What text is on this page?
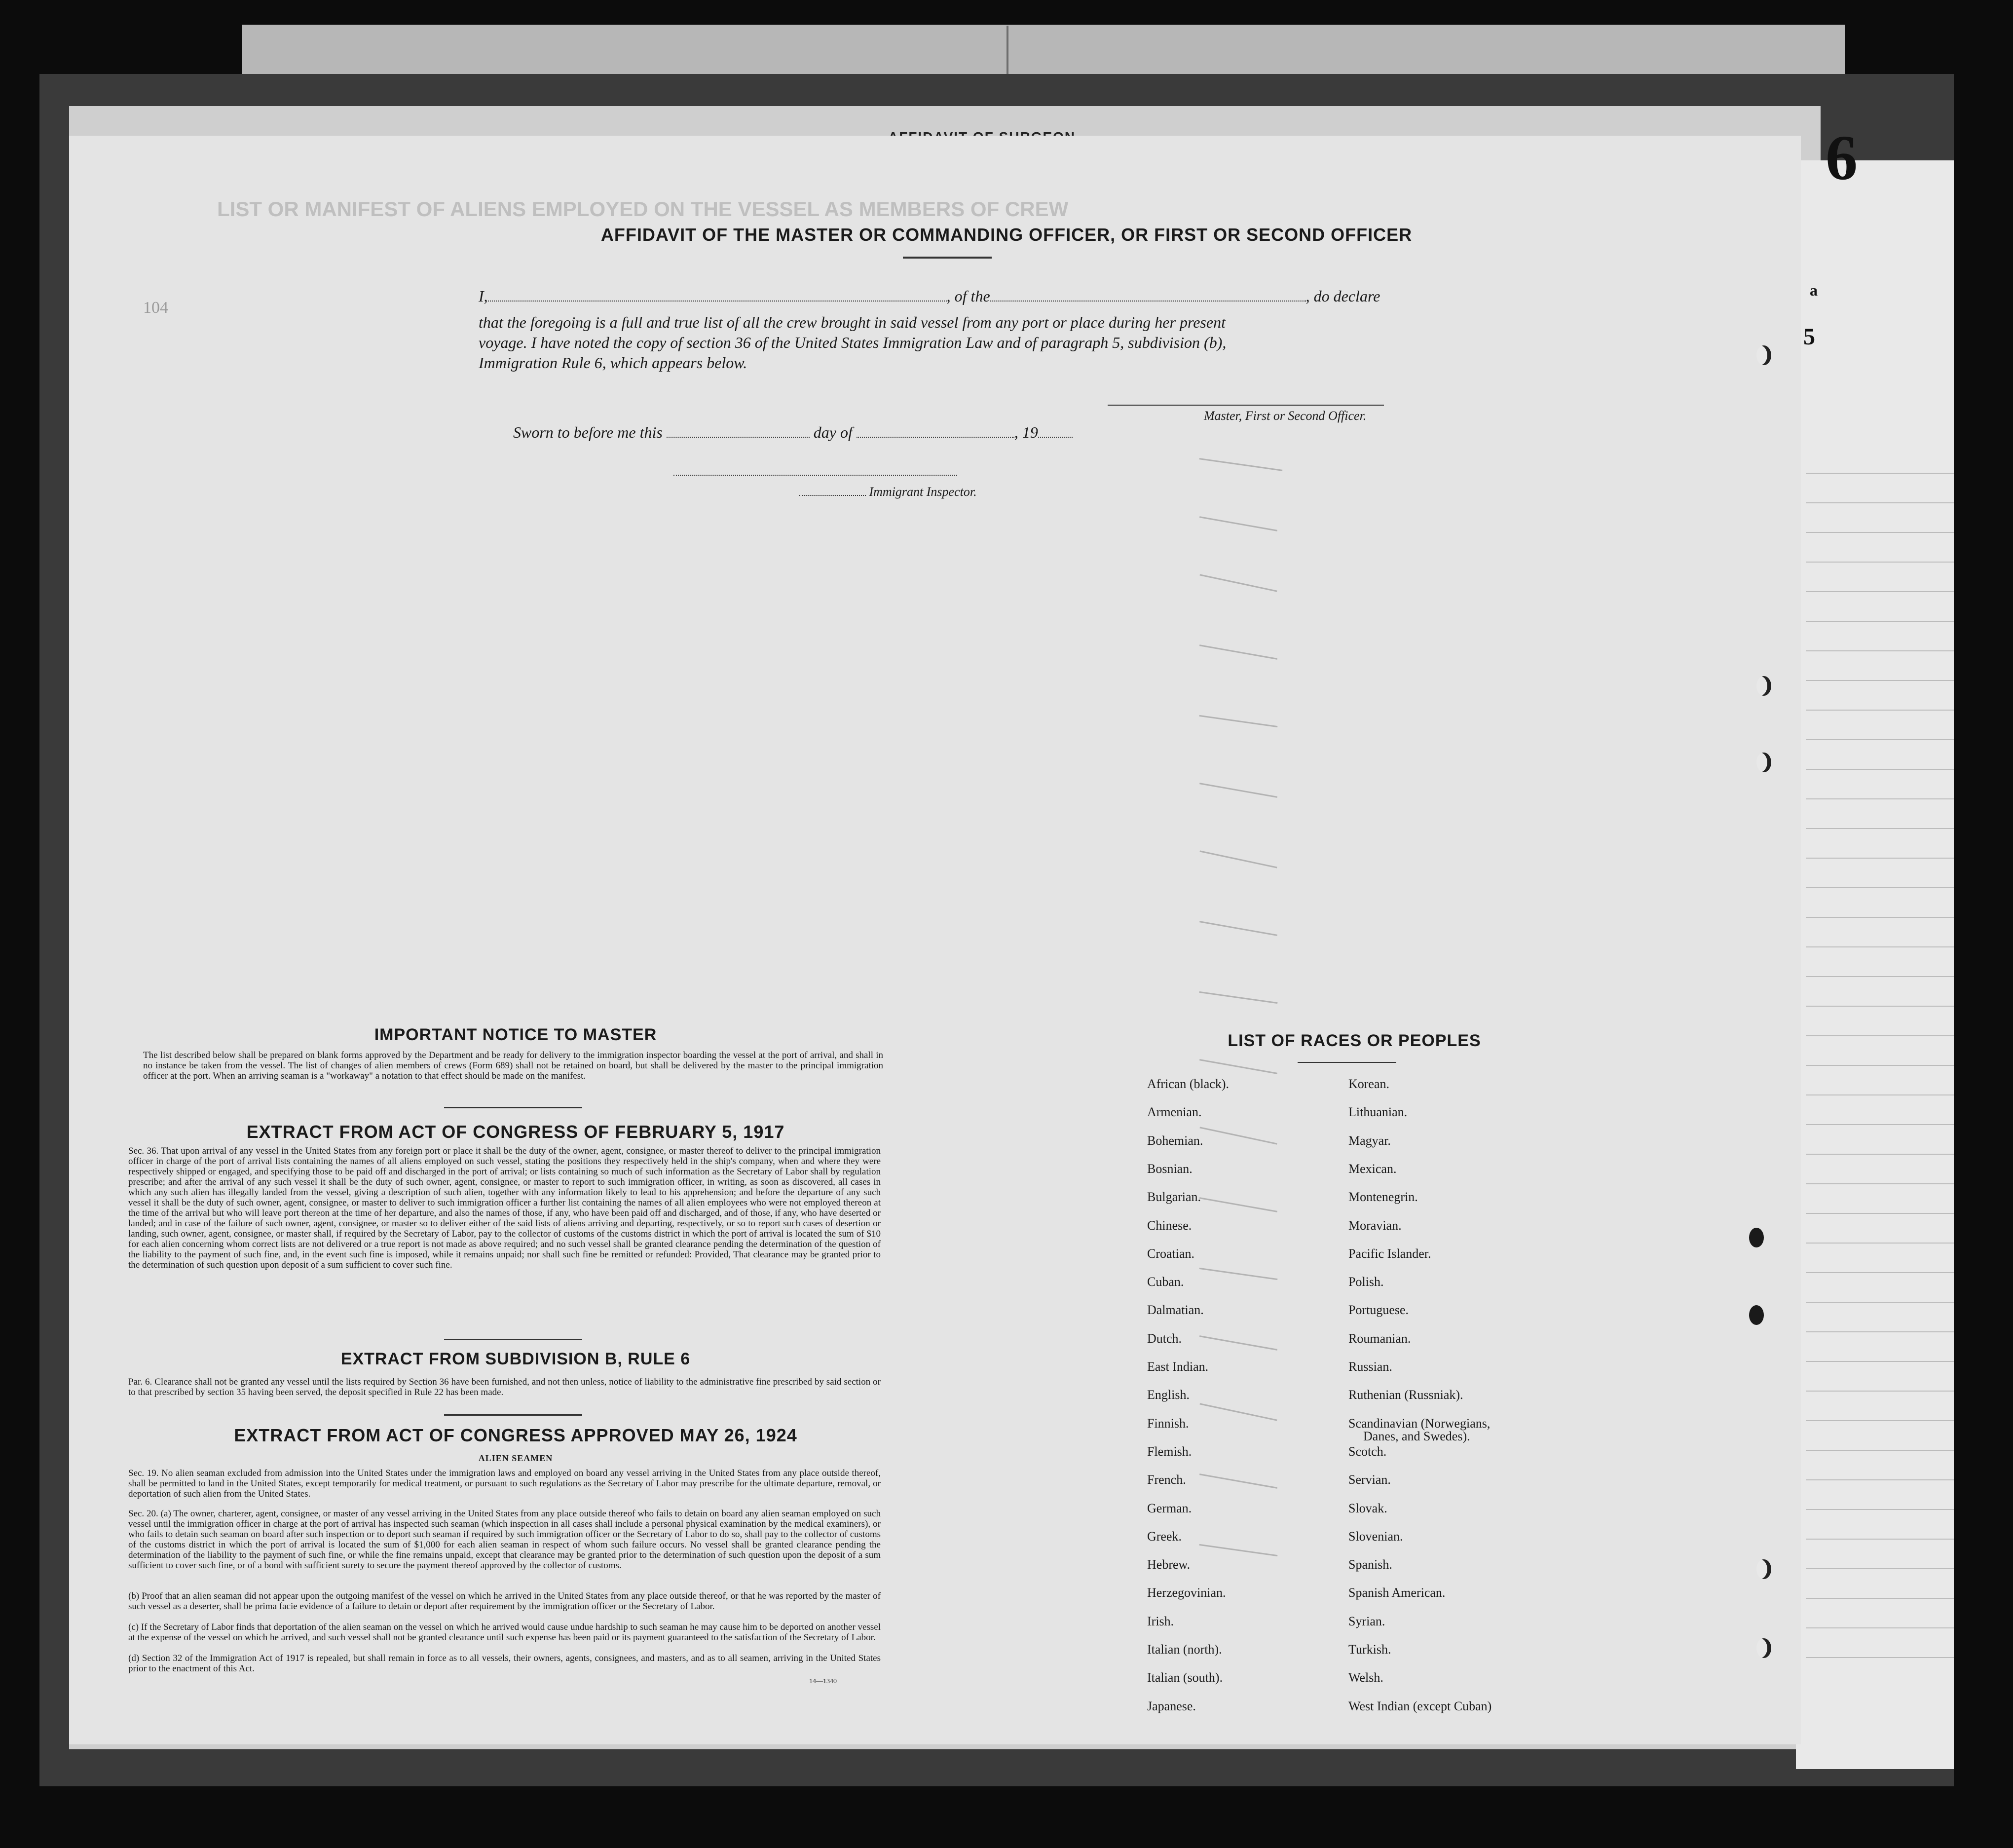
6
a
5
LIST OR MANIFEST OF ALIENS EMPLOYED ON THE VESSEL AS MEMBERS OF CREW
104
AFFIDAVIT OF THE MASTER OR COMMANDING OFFICER, OR FIRST OR SECOND OFFICER
I,	, of the	, do declare
that the foregoing is a full and true list of all the crew brought in said vessel from any port or place during her present
voyage. I have noted the copy of section 36 of the United States Immigration Law and of paragraph 5, subdivision (b),
Immigration Rule 6, which appears below.
Master, First or Second Officer.
Sworn to before me this	day of	, 19
Immigrant Inspector.
IMPORTANT NOTICE TO MASTER
The list described below shall be prepared on blank forms approved by the Department and be ready for delivery to the immigration inspector boarding the vessel at the port of arrival, and shall in no instance be taken from the vessel. The list of changes of alien members of crews (Form 689) shall not be retained on board, but shall be delivered by the master to the principal immigration officer at the port. When an arriving seaman is a "workaway" a notation to that effect should be made on the manifest.
EXTRACT FROM ACT OF CONGRESS OF FEBRUARY 5, 1917
Sec. 36. That upon arrival of any vessel in the United States from any foreign port or place it shall be the duty of the owner, agent, consignee, or master thereof to deliver to the principal immigration officer in charge of the port of arrival lists containing the names of all aliens employed on such vessel, stating the positions they respectively held in the ship's company, when and where they were respectively shipped or engaged, and specifying those to be paid off and discharged in the port of arrival; or lists containing so much of such information as the Secretary of Labor shall by regulation prescribe; and after the arrival of any such vessel it shall be the duty of such owner, agent, consignee, or master to report to such immigration officer, in writing, as soon as discovered, all cases in which any such alien has illegally landed from the vessel, giving a description of such alien, together with any information likely to lead to his apprehension; and before the departure of any such vessel it shall be the duty of such owner, agent, consignee, or master to deliver to such immigration officer a further list containing the names of all alien employees who were not employed thereon at the time of the arrival but who will leave port thereon at the time of her departure, and also the names of those, if any, who have been paid off and discharged, and of those, if any, who have deserted or landed; and in case of the failure of such owner, agent, consignee, or master so to deliver either of the said lists of aliens arriving and departing, respectively, or so to report such cases of desertion or landing, such owner, agent, consignee, or master shall, if required by the Secretary of Labor, pay to the collector of customs of the customs district in which the port of arrival is located the sum of $10 for each alien concerning whom correct lists are not delivered or a true report is not made as above required; and no such vessel shall be granted clearance pending the determination of the question of the liability to the payment of such fine, and, in the event such fine is imposed, while it remains unpaid; nor shall such fine be remitted or refunded: Provided, That clearance may be granted prior to the determination of such question upon deposit of a sum sufficient to cover such fine.
EXTRACT FROM SUBDIVISION B, RULE 6
Par. 6. Clearance shall not be granted any vessel until the lists required by Section 36 have been furnished, and not then unless, notice of liability to the administrative fine prescribed by said section or to that prescribed by section 35 having been served, the deposit specified in Rule 22 has been made.
EXTRACT FROM ACT OF CONGRESS APPROVED MAY 26, 1924
ALIEN SEAMEN
Sec. 19. No alien seaman excluded from admission into the United States under the immigration laws and employed on board any vessel arriving in the United States from any place outside thereof, shall be permitted to land in the United States, except temporarily for medical treatment, or pursuant to such regulations as the Secretary of Labor may prescribe for the ultimate departure, removal, or deportation of such alien from the United States.
Sec. 20. (a) The owner, charterer, agent, consignee, or master of any vessel arriving in the United States from any place outside thereof who fails to detain on board any alien seaman employed on such vessel until the immigration officer in charge at the port of arrival has inspected such seaman (which inspection in all cases shall include a personal physical examination by the medical examiners), or who fails to detain such seaman on board after such inspection or to deport such seaman if required by such immigration officer or the Secretary of Labor to do so, shall pay to the collector of customs of the customs district in which the port of arrival is located the sum of $1,000 for each alien seaman in respect of whom such failure occurs. No vessel shall be granted clearance pending the determination of the liability to the payment of such fine, or while the fine remains unpaid, except that clearance may be granted prior to the determination of such question upon the deposit of a sum sufficient to cover such fine, or of a bond with sufficient surety to secure the payment thereof approved by the collector of customs.
(b) Proof that an alien seaman did not appear upon the outgoing manifest of the vessel on which he arrived in the United States from any place outside thereof, or that he was reported by the master of such vessel as a deserter, shall be prima facie evidence of a failure to detain or deport after requirement by the immigration officer or the Secretary of Labor.
(c) If the Secretary of Labor finds that deportation of the alien seaman on the vessel on which he arrived would cause undue hardship to such seaman he may cause him to be deported on another vessel at the expense of the vessel on which he arrived, and such vessel shall not be granted clearance until such expense has been paid or its payment guaranteed to the satisfaction of the Secretary of Labor.
(d) Section 32 of the Immigration Act of 1917 is repealed, but shall remain in force as to all vessels, their owners, agents, consignees, and masters, and as to all seamen, arriving in the United States prior to the enactment of this Act.
14—1340
LIST OF RACES OR PEOPLES
African (black).
Armenian.
Bohemian.
Bosnian.
Bulgarian.
Chinese.
Croatian.
Cuban.
Dalmatian.
Dutch.
East Indian.
English.
Finnish.
Flemish.
French.
German.
Greek.
Hebrew.
Herzegovinian.
Irish.
Italian (north).
Italian (south).
Japanese.
Korean.
Lithuanian.
Magyar.
Mexican.
Montenegrin.
Moravian.
Pacific Islander.
Polish.
Portuguese.
Roumanian.
Russian.
Ruthenian (Russniak).
Scandinavian (Norwegians,
Danes, and Swedes).
Scotch.
Servian.
Slovak.
Slovenian.
Spanish.
Spanish American.
Syrian.
Turkish.
Welsh.
West Indian (except Cuban)
